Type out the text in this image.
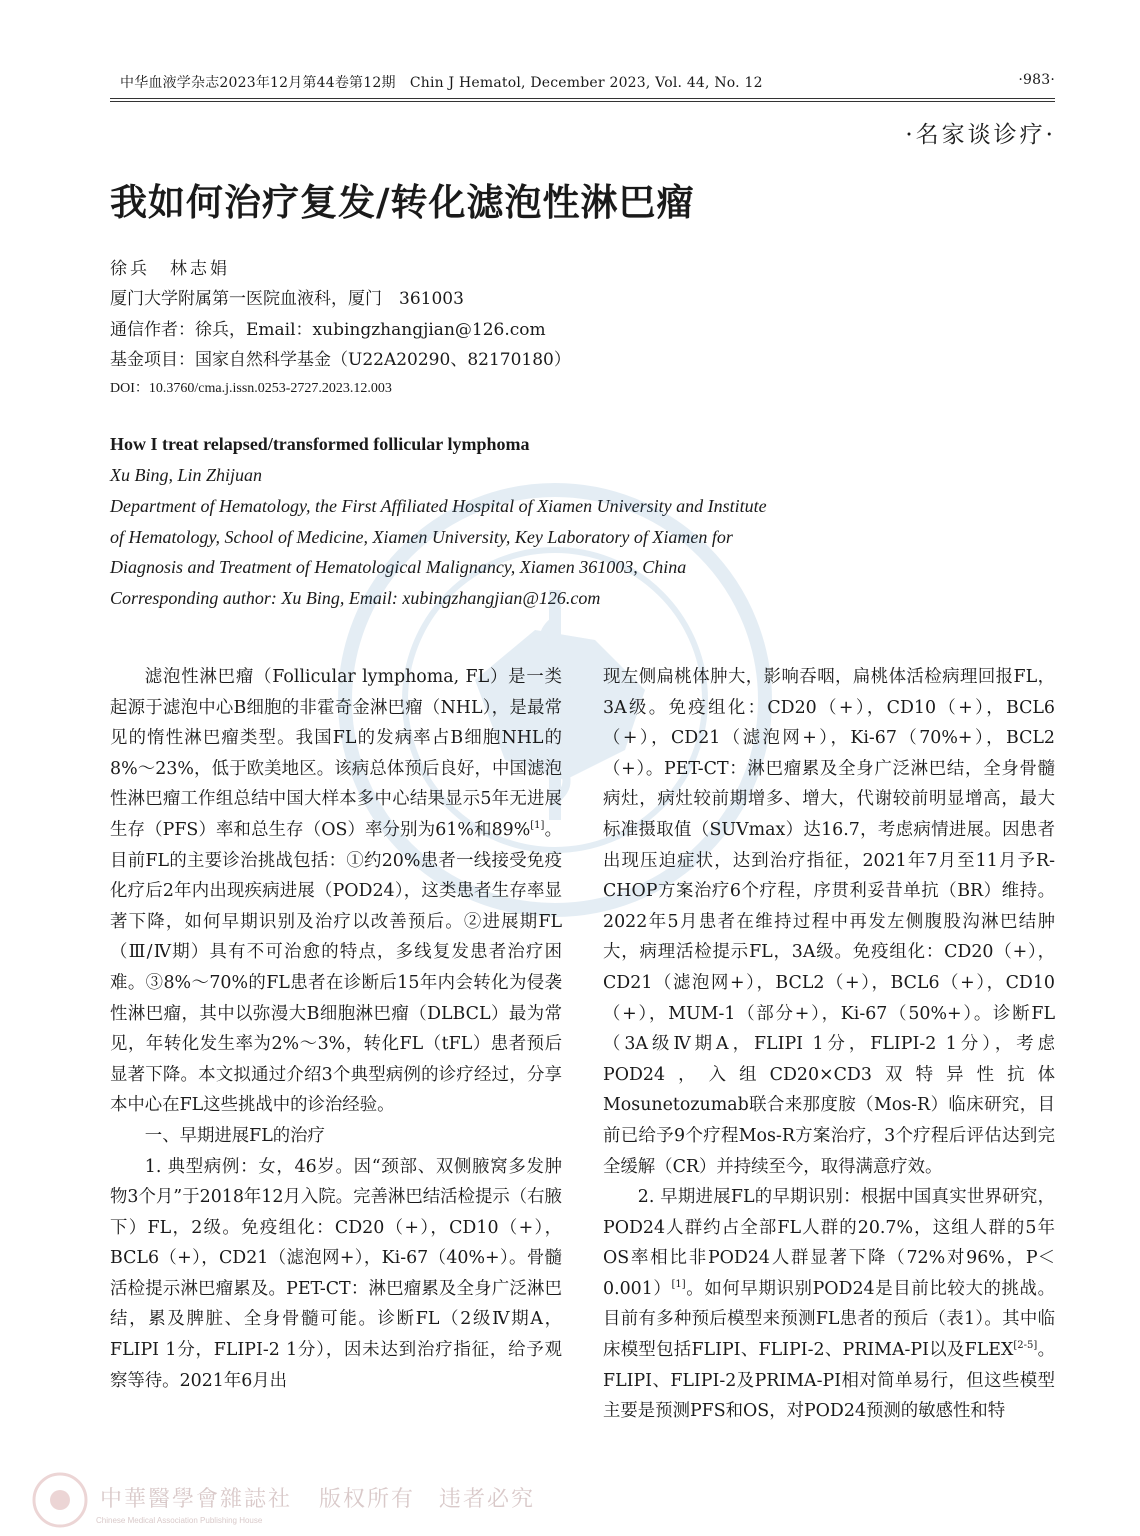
中华血液学杂志2023年12月第44卷第12期　Chin J Hematol, December 2023, Vol. 44, No. 12	·983·
·名家谈诊疗·
我如何治疗复发/转化滤泡性淋巴瘤
徐兵　林志娟
厦门大学附属第一医院血液科，厦门　361003
通信作者：徐兵，Email：xubingzhangjian@126.com
基金项目：国家自然科学基金（U22A20290、82170180）
DOI：10.3760/cma.j.issn.0253-2727.2023.12.003
How I treat relapsed/transformed follicular lymphoma
Xu Bing, Lin Zhijuan
Department of Hematology, the First Affiliated Hospital of Xiamen University and Institute
of Hematology, School of Medicine, Xiamen University, Key Laboratory of Xiamen for
Diagnosis and Treatment of Hematological Malignancy, Xiamen 361003, China
Corresponding author: Xu Bing, Email: xubingzhangjian@126.com

滤泡性淋巴瘤（Follicular lymphoma, FL）是一类起源于滤泡中心B细胞的非霍奇金淋巴瘤（NHL），是最常见的惰性淋巴瘤类型。我国FL的发病率占B细胞NHL的8%～23%，低于欧美地区。该病总体预后良好，中国滤泡性淋巴瘤工作组总结中国大样本多中心结果显示5年无进展生存（PFS）率和总生存（OS）率分别为61%和89%[1]。目前FL的主要诊治挑战包括：①约20%患者一线接受免疫化疗后2年内出现疾病进展（POD24），这类患者生存率显著下降，如何早期识别及治疗以改善预后。②进展期FL（Ⅲ/Ⅳ期）具有不可治愈的特点，多线复发患者治疗困难。③8%～70%的FL患者在诊断后15年内会转化为侵袭性淋巴瘤，其中以弥漫大B细胞淋巴瘤（DLBCL）最为常见，年转化发生率为2%～3%，转化FL（tFL）患者预后显著下降。本文拟通过介绍3个典型病例的诊疗经过，分享本中心在FL这些挑战中的诊治经验。

一、早期进展FL的治疗

1. 典型病例：女，46岁。因“颈部、双侧腋窝多发肿物3个月”于2018年12月入院。完善淋巴结活检提示（右腋下）FL，2级。免疫组化：CD20（+），CD10（+），BCL6（+），CD21（滤泡网+），Ki-67（40%+）。骨髓活检提示淋巴瘤累及。PET-CT：淋巴瘤累及全身广泛淋巴结，累及脾脏、全身骨髓可能。诊断FL（2级Ⅳ期A，FLIPI 1分，FLIPI-2 1分），因未达到治疗指征，给予观察等待。2021年6月出

现左侧扁桃体肿大，影响吞咽，扁桃体活检病理回报FL，3A级。免疫组化：CD20（+），CD10（+），BCL6（+），CD21（滤泡网+），Ki-67（70%+），BCL2（+）。PET-CT：淋巴瘤累及全身广泛淋巴结，全身骨髓病灶，病灶较前期增多、增大，代谢较前明显增高，最大标准摄取值（SUVmax）达16.7，考虑病情进展。因患者出现压迫症状，达到治疗指征，2021年7月至11月予R-CHOP方案治疗6个疗程，序贯利妥昔单抗（BR）维持。2022年5月患者在维持过程中再发左侧腹股沟淋巴结肿大，病理活检提示FL，3A级。免疫组化：CD20（+），CD21（滤泡网+），BCL2（+），BCL6（+），CD10（+），MUM-1（部分+），Ki-67（50%+）。诊断FL（3A级Ⅳ期A，FLIPI 1分，FLIPI-2 1分），考虑POD24，入组CD20×CD3双特异性抗体Mosunetozumab联合来那度胺（Mos-R）临床研究，目前已给予9个疗程Mos-R方案治疗，3个疗程后评估达到完全缓解（CR）并持续至今，取得满意疗效。

2. 早期进展FL的早期识别：根据中国真实世界研究，POD24人群约占全部FL人群的20.7%，这组人群的5年OS率相比非POD24人群显著下降（72%对96%，P＜0.001）[1]。如何早期识别POD24是目前比较大的挑战。目前有多种预后模型来预测FL患者的预后（表1）。其中临床模型包括FLIPI、FLIPI-2、PRIMA-PI以及FLEX[2-5]。FLIPI、FLIPI-2及PRIMA-PI相对简单易行，但这些模型主要是预测PFS和OS，对POD24预测的敏感性和特

中華醫學會雜誌社 版权所有　违者必究
Chinese Medical Association Publishing House
